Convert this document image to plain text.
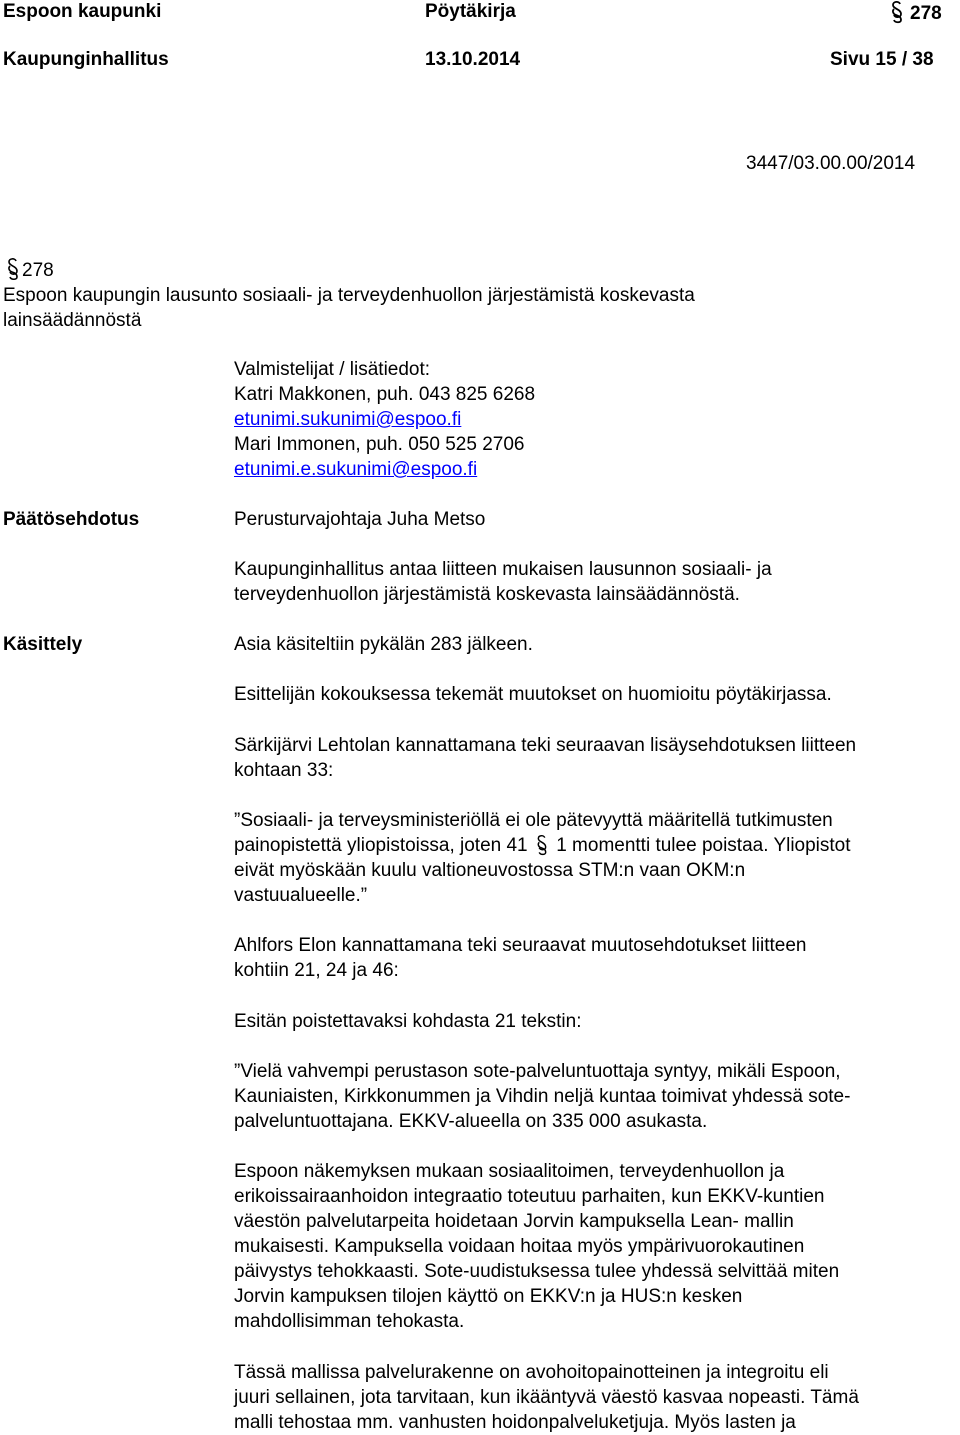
Espoon kaupunki	Pöytäkirja	278
Kaupunginhallitus	13.10.2014	Sivu 15 / 38
3447/03.00.00/2014
278
Espoon kaupungin lausunto sosiaali- ja terveydenhuollon järjestämistä koskevasta
lainsäädännöstä
Valmistelijat / lisätiedot:
Katri Makkonen, puh. 043 825 6268
etunimi.sukunimi@espoo.fi
Mari Immonen, puh. 050 525 2706
etunimi.e.sukunimi@espoo.fi
Päätösehdotus	Perusturvajohtaja Juha Metso
Kaupunginhallitus antaa liitteen mukaisen lausunnon sosiaali- ja
terveydenhuollon järjestämistä koskevasta lainsäädännöstä.
Käsittely	Asia käsiteltiin pykälän 283 jälkeen.
Esittelijän kokouksessa tekemät muutokset on huomioitu pöytäkirjassa.
Särkijärvi Lehtolan kannattamana teki seuraavan lisäysehdotuksen liitteen
kohtaan 33:
”Sosiaali- ja terveysministeriöllä ei ole pätevyyttä määritellä tutkimusten
painopistettä yliopistoissa, joten 41 1 momentti tulee poistaa. Yliopistot
eivät myöskään kuulu valtioneuvostossa STM:n vaan OKM:n
vastuualueelle.”
Ahlfors Elon kannattamana teki seuraavat muutosehdotukset liitteen
kohtiin 21, 24 ja 46:
Esitän poistettavaksi kohdasta 21 tekstin:
”Vielä vahvempi perustason sote-palveluntuottaja syntyy, mikäli Espoon,
Kauniaisten, Kirkkonummen ja Vihdin neljä kuntaa toimivat yhdessä sote-
palveluntuottajana. EKKV-alueella on 335 000 asukasta.
Espoon näkemyksen mukaan sosiaalitoimen, terveydenhuollon ja
erikoissairaanhoidon integraatio toteutuu parhaiten, kun EKKV-kuntien
väestön palvelutarpeita hoidetaan Jorvin kampuksella Lean- mallin
mukaisesti. Kampuksella voidaan hoitaa myös ympärivuorokautinen
päivystys tehokkaasti. Sote-uudistuksessa tulee yhdessä selvittää miten
Jorvin kampuksen tilojen käyttö on EKKV:n ja HUS:n kesken
mahdollisimman tehokasta.
Tässä mallissa palvelurakenne on avohoitopainotteinen ja integroitu eli
juuri sellainen, jota tarvitaan, kun ikääntyvä väestö kasvaa nopeasti. Tämä
malli tehostaa mm. vanhusten hoidonpalveluketjuja. Myös lasten ja
